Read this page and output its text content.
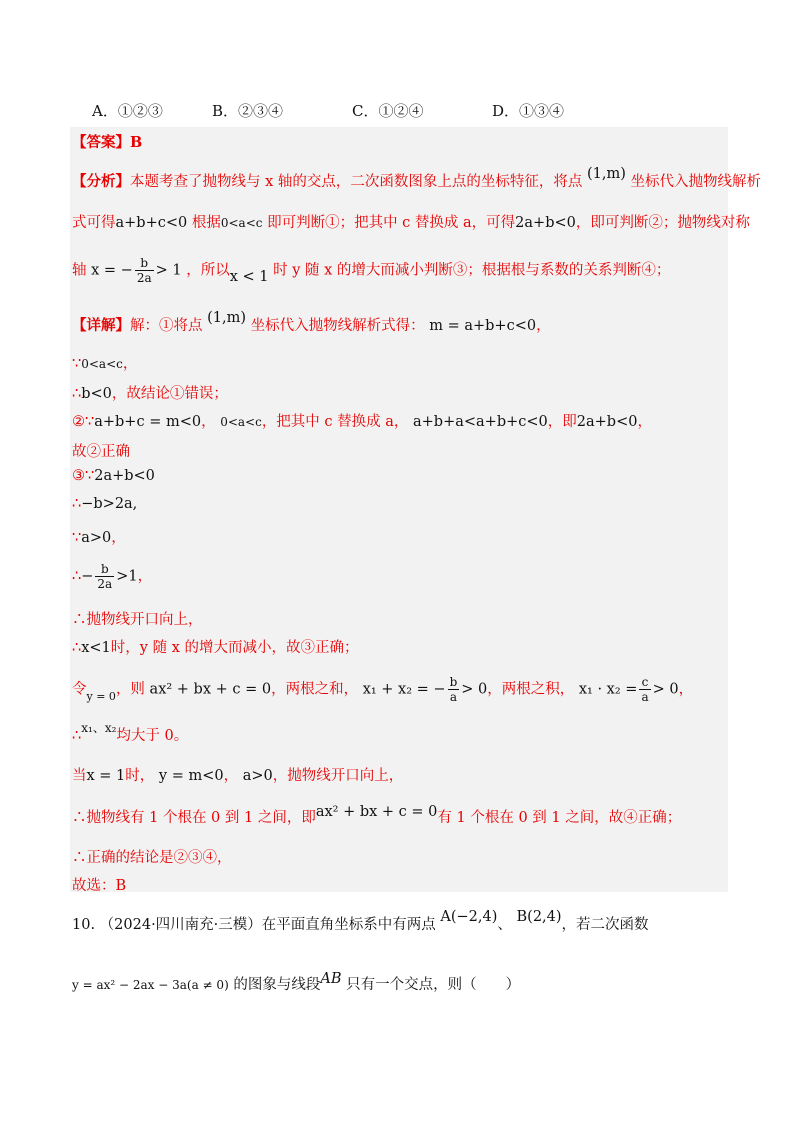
A．①②③	B．②③④	C．①②④	D．①③④
【答案】B
【分析】本题考查了抛物线与 x 轴的交点，二次函数图象上点的坐标特征，将点 (1,m) 坐标代入抛物线解析
式可得a+b+c<0 根据0<a<c 即可判断①；把其中 c 替换成 a，可得2a+b<0，即可判断②；抛物线对称
轴 x = − $\frac{b}{2a} > 1$ ，所以x < 1 时 y 随 x 的增大而减小判断③；根据根与系数的关系判断④；
【详解】解：①将点 (1,m) 坐标代入抛物线解析式得： m = a+b+c<0，
∵0<a<c，
∴b<0，故结论①错误；
②∵a+b+c = m<0， 0<a<c，把其中 c 替换成 a， a+b+a<a+b+c<0，即2a+b<0，
故②正确
③∵2a+b<0
∴−b>2a,
∵a>0，
∴− $\frac{b}{2a} >1$，
∴抛物线开口向上，
∴x<1时，y 随 x 的增大而减小，故③正确；
令$_{y = 0}$，则 ax² + bx + c = 0，两根之和， x₁ + x₂ = − $\frac{b}{a} > 0$，两根之积， $x_1 \cdot x_2 = \frac{c}{a} > 0$，
∴$^{x_1、x_2}$均大于 0。
当x = 1时， y = m<0， a>0，抛物线开口向上，
∴抛物线有 1 个根在 0 到 1 之间，即ax² + bx + c = 0有 1 个根在 0 到 1 之间，故④正确；
∴正确的结论是②③④，
故选：B
10. （2024·四川南充·三模）在平面直角坐标系中有两点 A(−2,4)、 B(2,4)，若二次函数
y = ax² − 2ax − 3a(a ≠ 0) 的图象与线段AB 只有一个交点，则（　　）
